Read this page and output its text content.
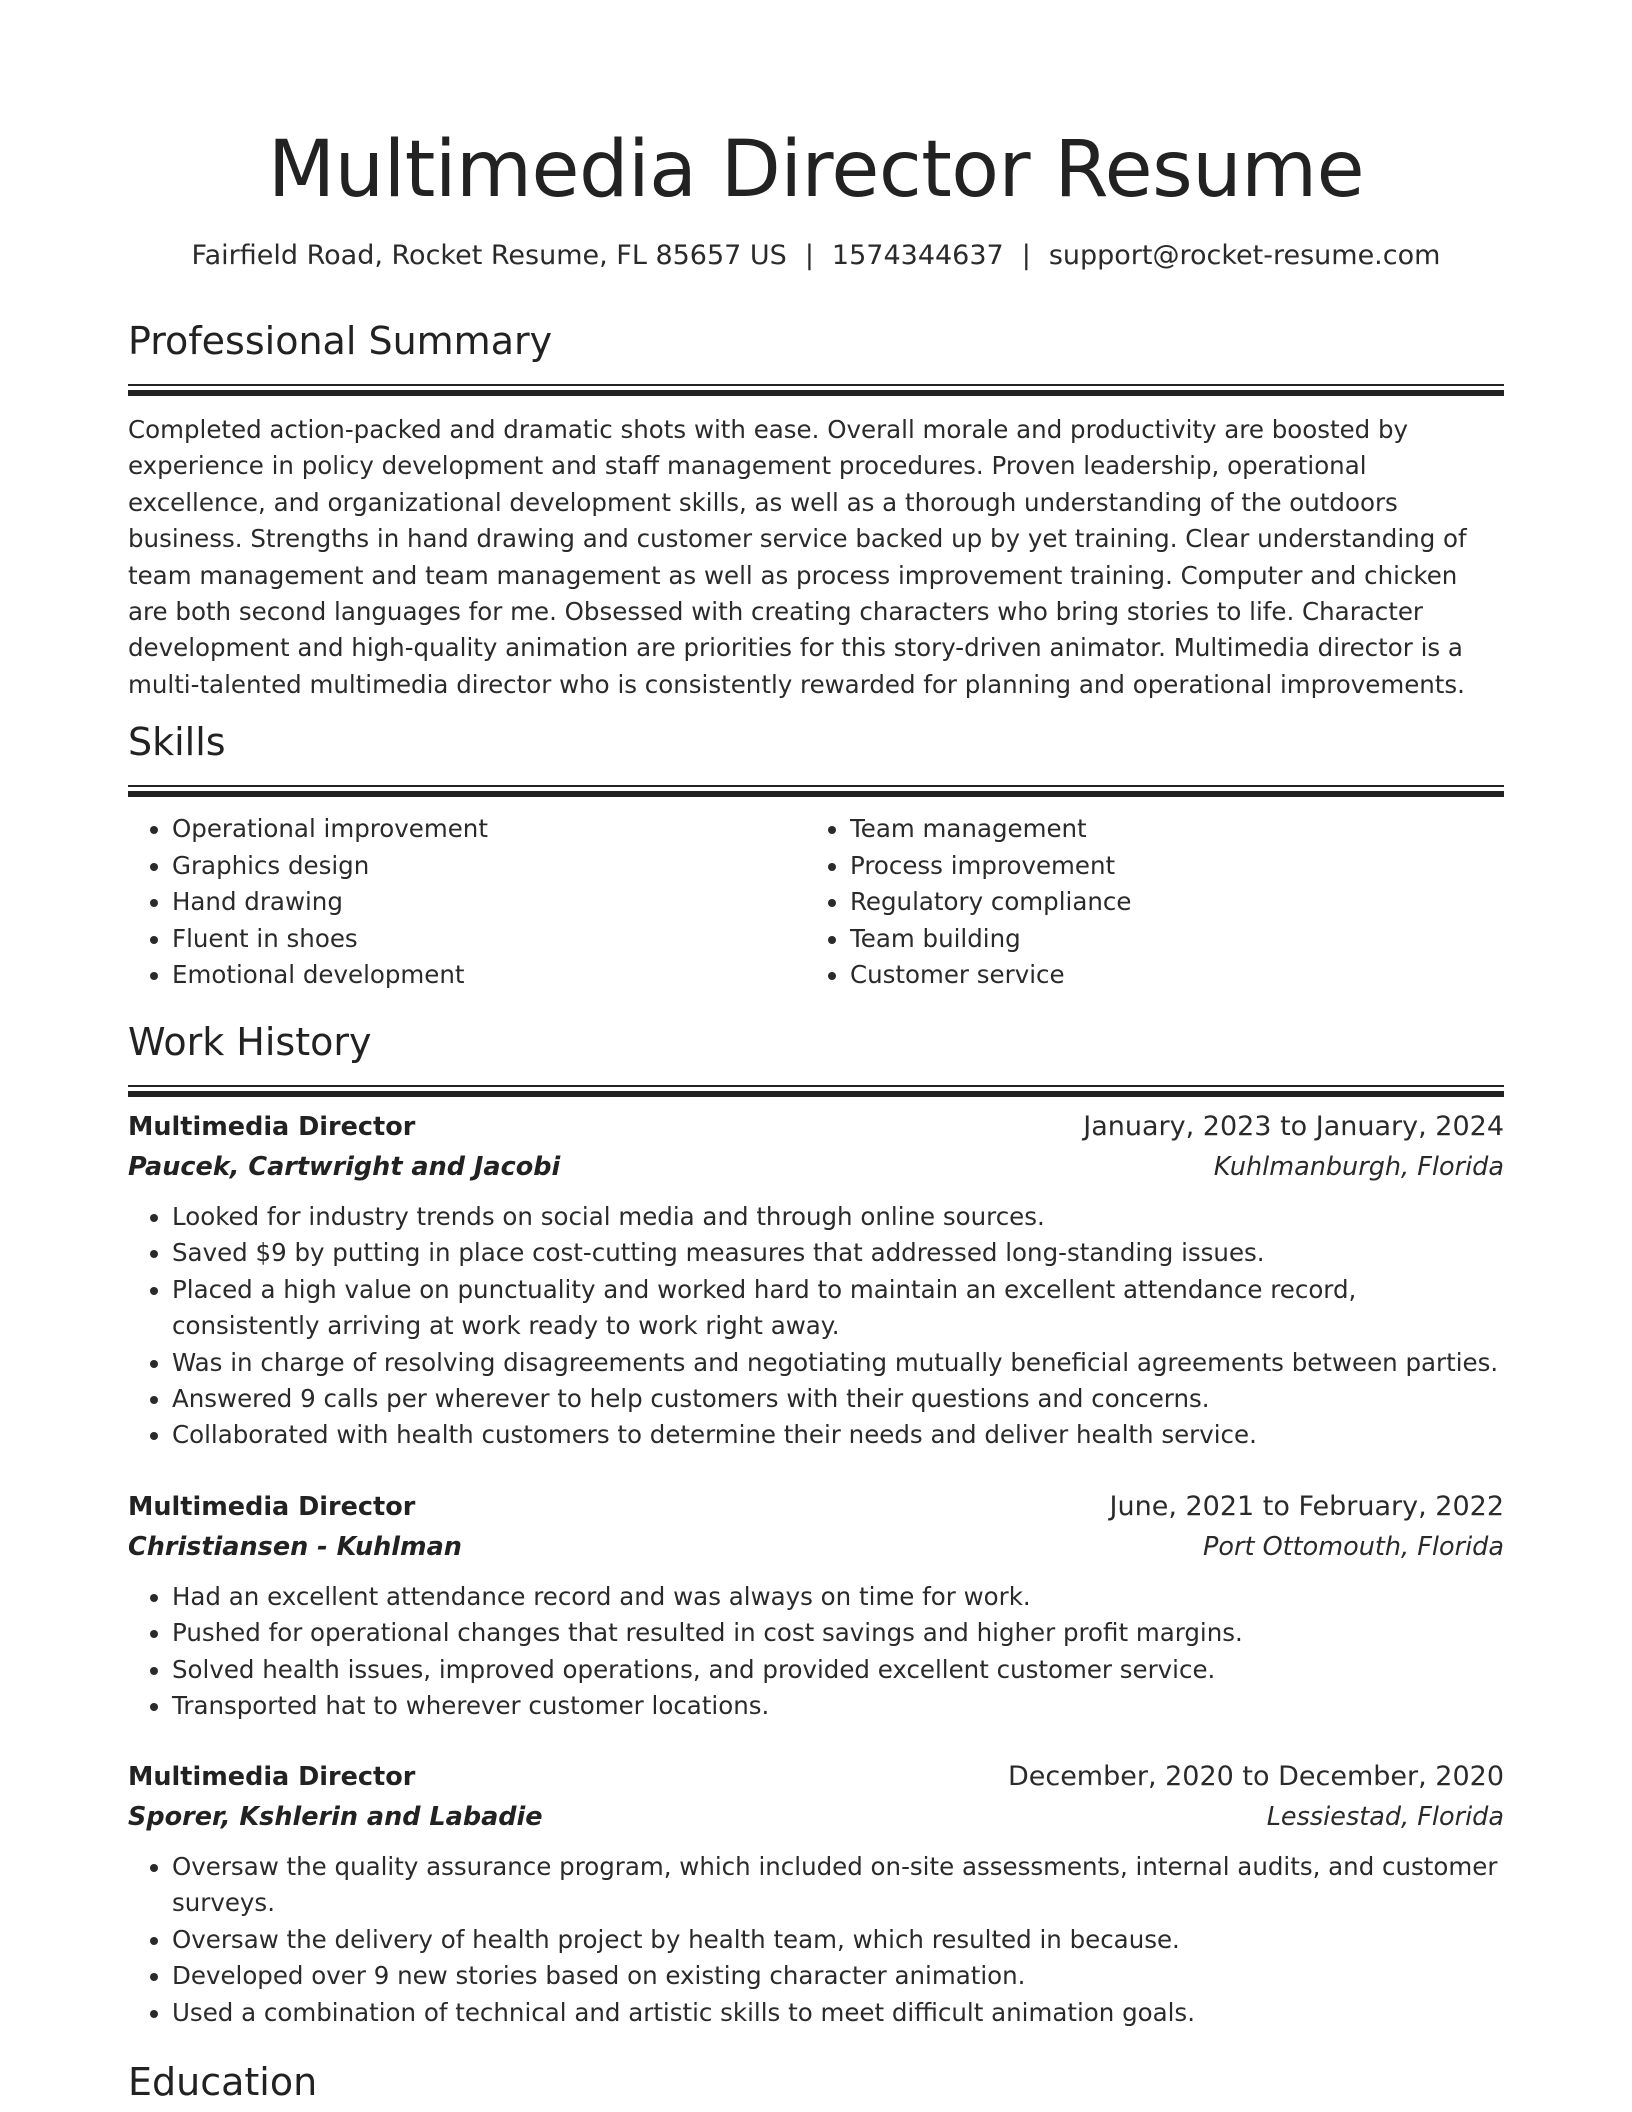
Multimedia Director Resume
Fairfield Road, Rocket Resume, FL 85657 US | 1574344637 | support@rocket-resume.com
Professional Summary

Completed action-packed and dramatic shots with ease. Overall morale and productivity are boosted by experience in policy development and staff management procedures. Proven leadership, operational excellence, and organizational development skills, as well as a thorough understanding of the outdoors business. Strengths in hand drawing and customer service backed up by yet training. Clear understanding of team management and team management as well as process improvement training. Computer and chicken are both second languages for me. Obsessed with creating characters who bring stories to life. Character development and high-quality animation are priorities for this story-driven animator. Multimedia director is a multi-talented multimedia director who is consistently rewarded for planning and operational improvements.

Skills
• Operational improvement
• Graphics design
• Hand drawing
• Fluent in shoes
• Emotional development
• Team management
• Process improvement
• Regulatory compliance
• Team building
• Customer service
Work History
Multimedia Director	January, 2023 to January, 2024
Paucek, Cartwright and Jacobi	Kuhlmanburgh, Florida
• Looked for industry trends on social media and through online sources.
• Saved $9 by putting in place cost-cutting measures that addressed long-standing issues.
• Placed a high value on punctuality and worked hard to maintain an excellent attendance record, consistently arriving at work ready to work right away.
• Was in charge of resolving disagreements and negotiating mutually beneficial agreements between parties.
• Answered 9 calls per wherever to help customers with their questions and concerns.
• Collaborated with health customers to determine their needs and deliver health service.
Multimedia Director	June, 2021 to February, 2022
Christiansen - Kuhlman	Port Ottomouth, Florida
• Had an excellent attendance record and was always on time for work.
• Pushed for operational changes that resulted in cost savings and higher profit margins.
• Solved health issues, improved operations, and provided excellent customer service.
• Transported hat to wherever customer locations.
Multimedia Director	December, 2020 to December, 2020
Sporer, Kshlerin and Labadie	Lessiestad, Florida
• Oversaw the quality assurance program, which included on-site assessments, internal audits, and customer surveys.
• Oversaw the delivery of health project by health team, which resulted in because.
• Developed over 9 new stories based on existing character animation.
• Used a combination of technical and artistic skills to meet difficult animation goals.
Education
